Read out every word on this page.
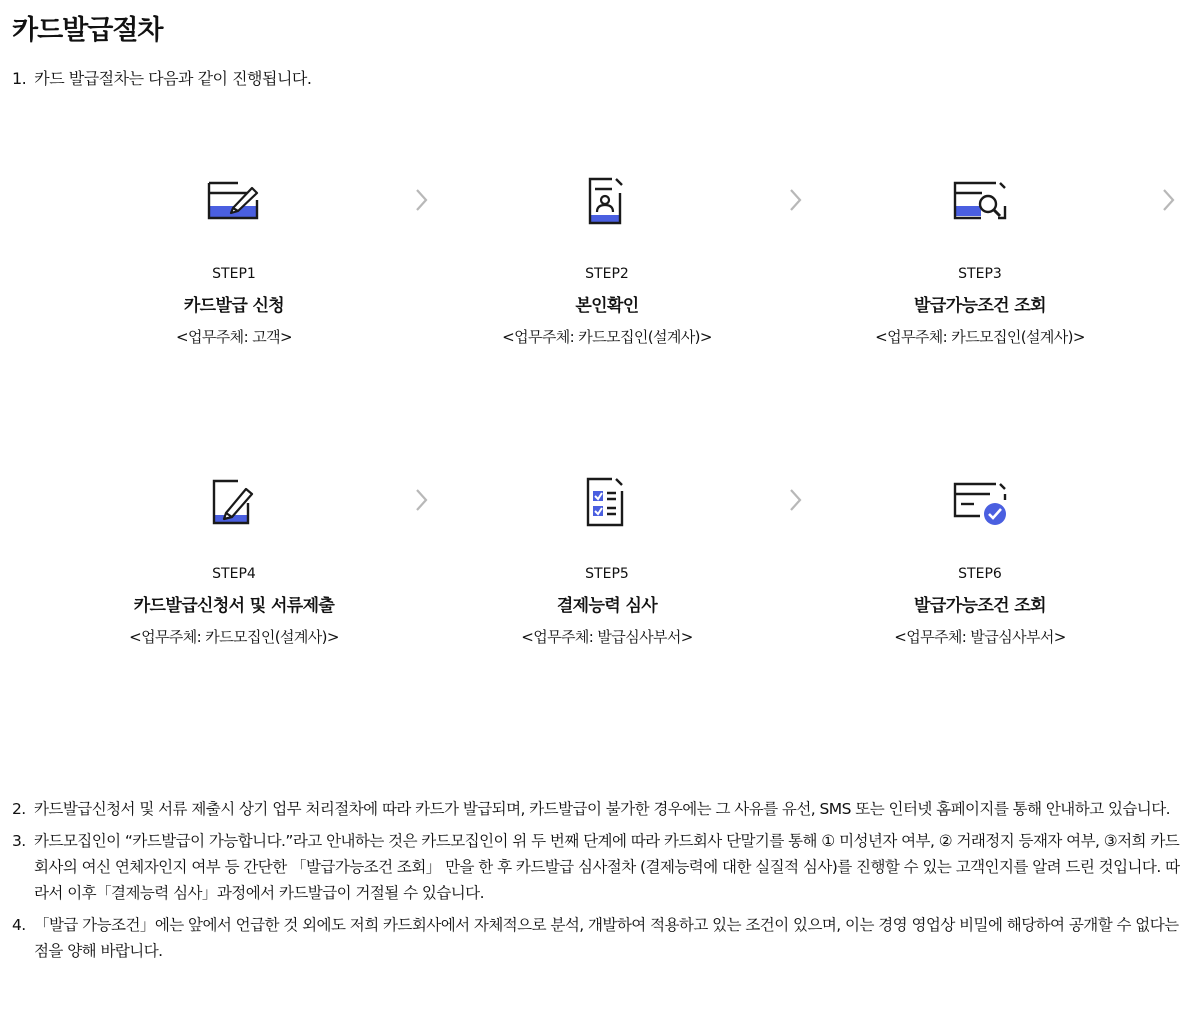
카드발급절차
1. 카드 발급절차는 다음과 같이 진행됩니다.
STEP1
카드발급 신청
<업무주체: 고객>
STEP2
본인확인
<업무주체: 카드모집인(설계사)>
STEP3
발급가능조건 조회
<업무주체: 카드모집인(설계사)>
STEP4
카드발급신청서 및 서류제출
<업무주체: 카드모집인(설계사)>
STEP5
결제능력 심사
<업무주체: 발급심사부서>
STEP6
발급가능조건 조회
<업무주체: 발급심사부서>
2. 카드발급신청서 및 서류 제출시 상기 업무 처리절차에 따라 카드가 발급되며, 카드발급이 불가한 경우에는 그 사유를 유선, SMS 또는 인터넷 홈페이지를 통해 안내하고 있습니다.
3. 카드모집인이 “카드발급이 가능합니다.”라고 안내하는 것은 카드모집인이 위 두 번째 단계에 따라 카드회사 단말기를 통해 ① 미성년자 여부, ② 거래정지 등재자 여부, ③저희 카드 회사의 여신 연체자인지 여부 등 간단한 「발급가능조건 조회」 만을 한 후 카드발급 심사절차 (결제능력에 대한 실질적 심사)를 진행할 수 있는 고객인지를 알려 드린 것입니다. 따라서 이후「결제능력 심사」과정에서 카드발급이 거절될 수 있습니다.
4. 「발급 가능조건」에는 앞에서 언급한 것 외에도 저희 카드회사에서 자체적으로 분석, 개발하여 적용하고 있는 조건이 있으며, 이는 경영 영업상 비밀에 해당하여 공개할 수 없다는 점을 양해 바랍니다.
